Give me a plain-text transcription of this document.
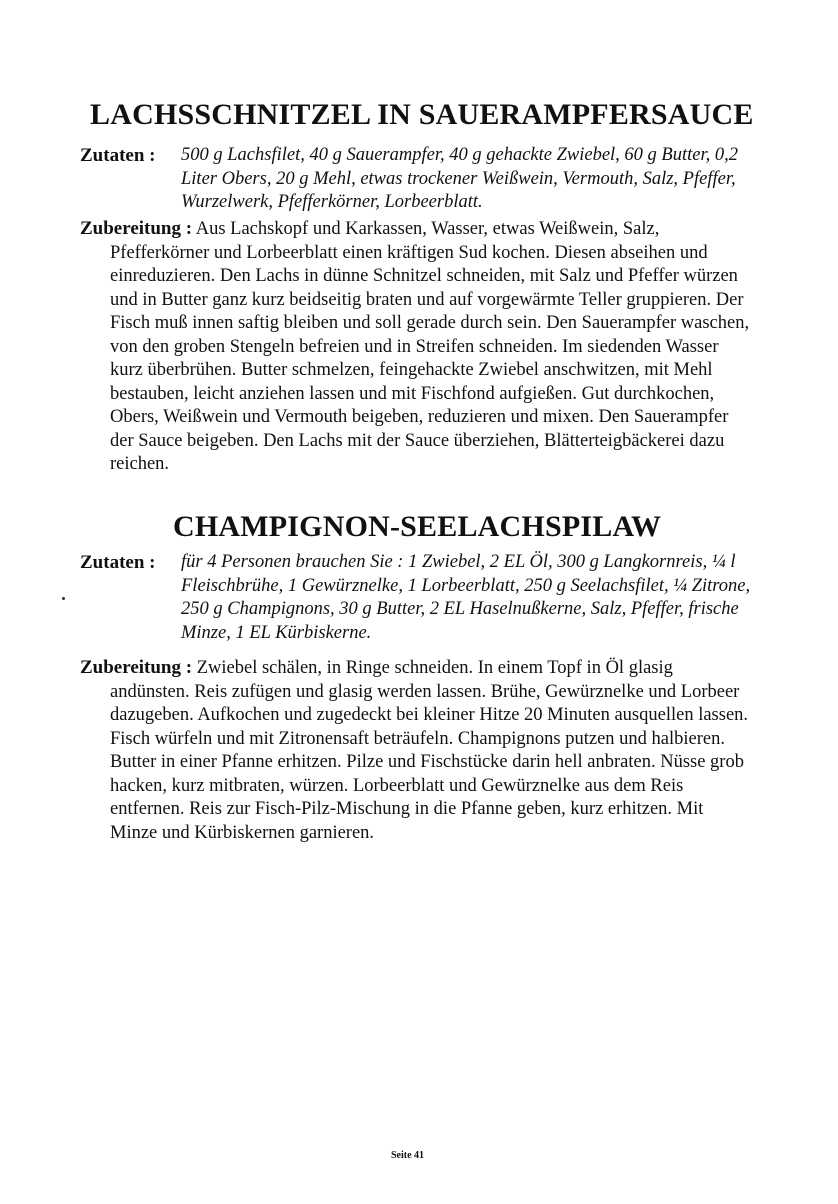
LACHSSCHNITZEL IN SAUERAMPFERSAUCE
Zutaten : 500 g Lachsfilet, 40 g Sauerampfer, 40 g gehackte Zwiebel, 60 g Butter, 0,2 Liter Obers, 20 g Mehl, etwas trockener Weißwein, Vermouth, Salz, Pfeffer, Wurzelwerk, Pfefferkörner, Lorbeerblatt.
Zubereitung : Aus Lachskopf und Karkassen, Wasser, etwas Weißwein, Salz, Pfefferkörner und Lorbeerblatt einen kräftigen Sud kochen. Diesen abseihen und einreduzieren. Den Lachs in dünne Schnitzel schneiden, mit Salz und Pfeffer würzen und in Butter ganz kurz beidseitig braten und auf vorgewärmte Teller gruppieren. Der Fisch muß innen saftig bleiben und soll gerade durch sein. Den Sauerampfer waschen, von den groben Stengeln befreien und in Streifen schneiden. Im siedenden Wasser kurz überbrühen. Butter schmelzen, feingehackte Zwiebel anschwitzen, mit Mehl bestauben, leicht anziehen lassen und mit Fischfond aufgießen. Gut durchkochen, Obers, Weißwein und Vermouth beigeben, reduzieren und mixen. Den Sauerampfer der Sauce beigeben. Den Lachs mit der Sauce überziehen, Blätterteigbäckerei dazu reichen.
CHAMPIGNON-SEELACHSPILAW
Zutaten : für 4 Personen brauchen Sie : 1 Zwiebel, 2 EL Öl, 300 g Langkornreis, ¼ l Fleischbrühe, 1 Gewürznelke, 1 Lorbeerblatt, 250 g Seelachsfilet, ¼ Zitrone, 250 g Champignons, 30 g Butter, 2 EL Haselnußkerne, Salz, Pfeffer, frische Minze, 1 EL Kürbiskerne.
Zubereitung : Zwiebel schälen, in Ringe schneiden. In einem Topf in Öl glasig andünsten. Reis zufügen und glasig werden lassen. Brühe, Gewürznelke und Lorbeer dazugeben. Aufkochen und zugedeckt bei kleiner Hitze 20 Minuten ausquellen lassen. Fisch würfeln und mit Zitronensaft beträufeln. Champignons putzen und halbieren. Butter in einer Pfanne erhitzen. Pilze und Fischstücke darin hell anbraten. Nüsse grob hacken, kurz mitbraten, würzen. Lorbeerblatt und Gewürznelke aus dem Reis entfernen. Reis zur Fisch-Pilz-Mischung in die Pfanne geben, kurz erhitzen. Mit Minze und Kürbiskernen garnieren.
Seite 41
